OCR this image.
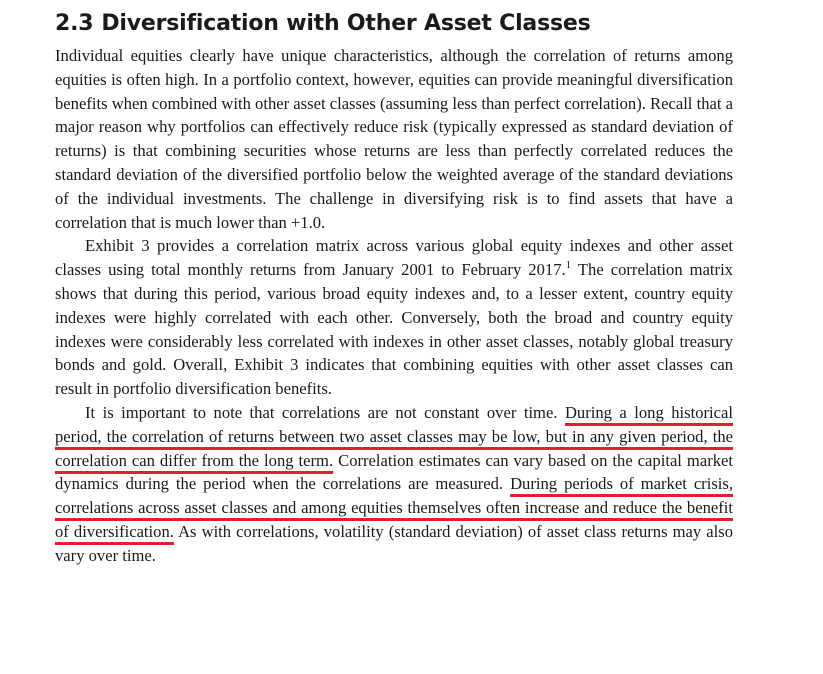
2.3 Diversification with Other Asset Classes

Individual equities clearly have unique characteristics, although the correlation of returns among equities is often high. In a portfolio context, however, equities can provide meaningful diversification benefits when combined with other asset classes (assuming less than perfect correlation). Recall that a major reason why portfolios can effectively reduce risk (typically expressed as standard deviation of returns) is that combining securities whose returns are less than perfectly correlated reduces the standard deviation of the diversified portfolio below the weighted average of the standard deviations of the individual investments. The challenge in diversifying risk is to find assets that have a correlation that is much lower than +1.0.

Exhibit 3 provides a correlation matrix across various global equity indexes and other asset classes using total monthly returns from January 2001 to February 2017.$^1$ The correlation matrix shows that during this period, various broad equity indexes and, to a lesser extent, country equity indexes were highly correlated with each other. Conversely, both the broad and country equity indexes were considerably less correlated with indexes in other asset classes, notably global treasury bonds and gold. Overall, Exhibit 3 indicates that combining equities with other asset classes can result in portfolio diversification benefits.

It is important to note that correlations are not constant over time. During a long historical period, the correlation of returns between two asset classes may be low, but in any given period, the correlation can differ from the long term. Correlation estimates can vary based on the capital market dynamics during the period when the correlations are measured. During periods of market crisis, correlations across asset classes and among equities themselves often increase and reduce the benefit of diversification. As with correlations, volatility (standard deviation) of asset class returns may also vary over time.
